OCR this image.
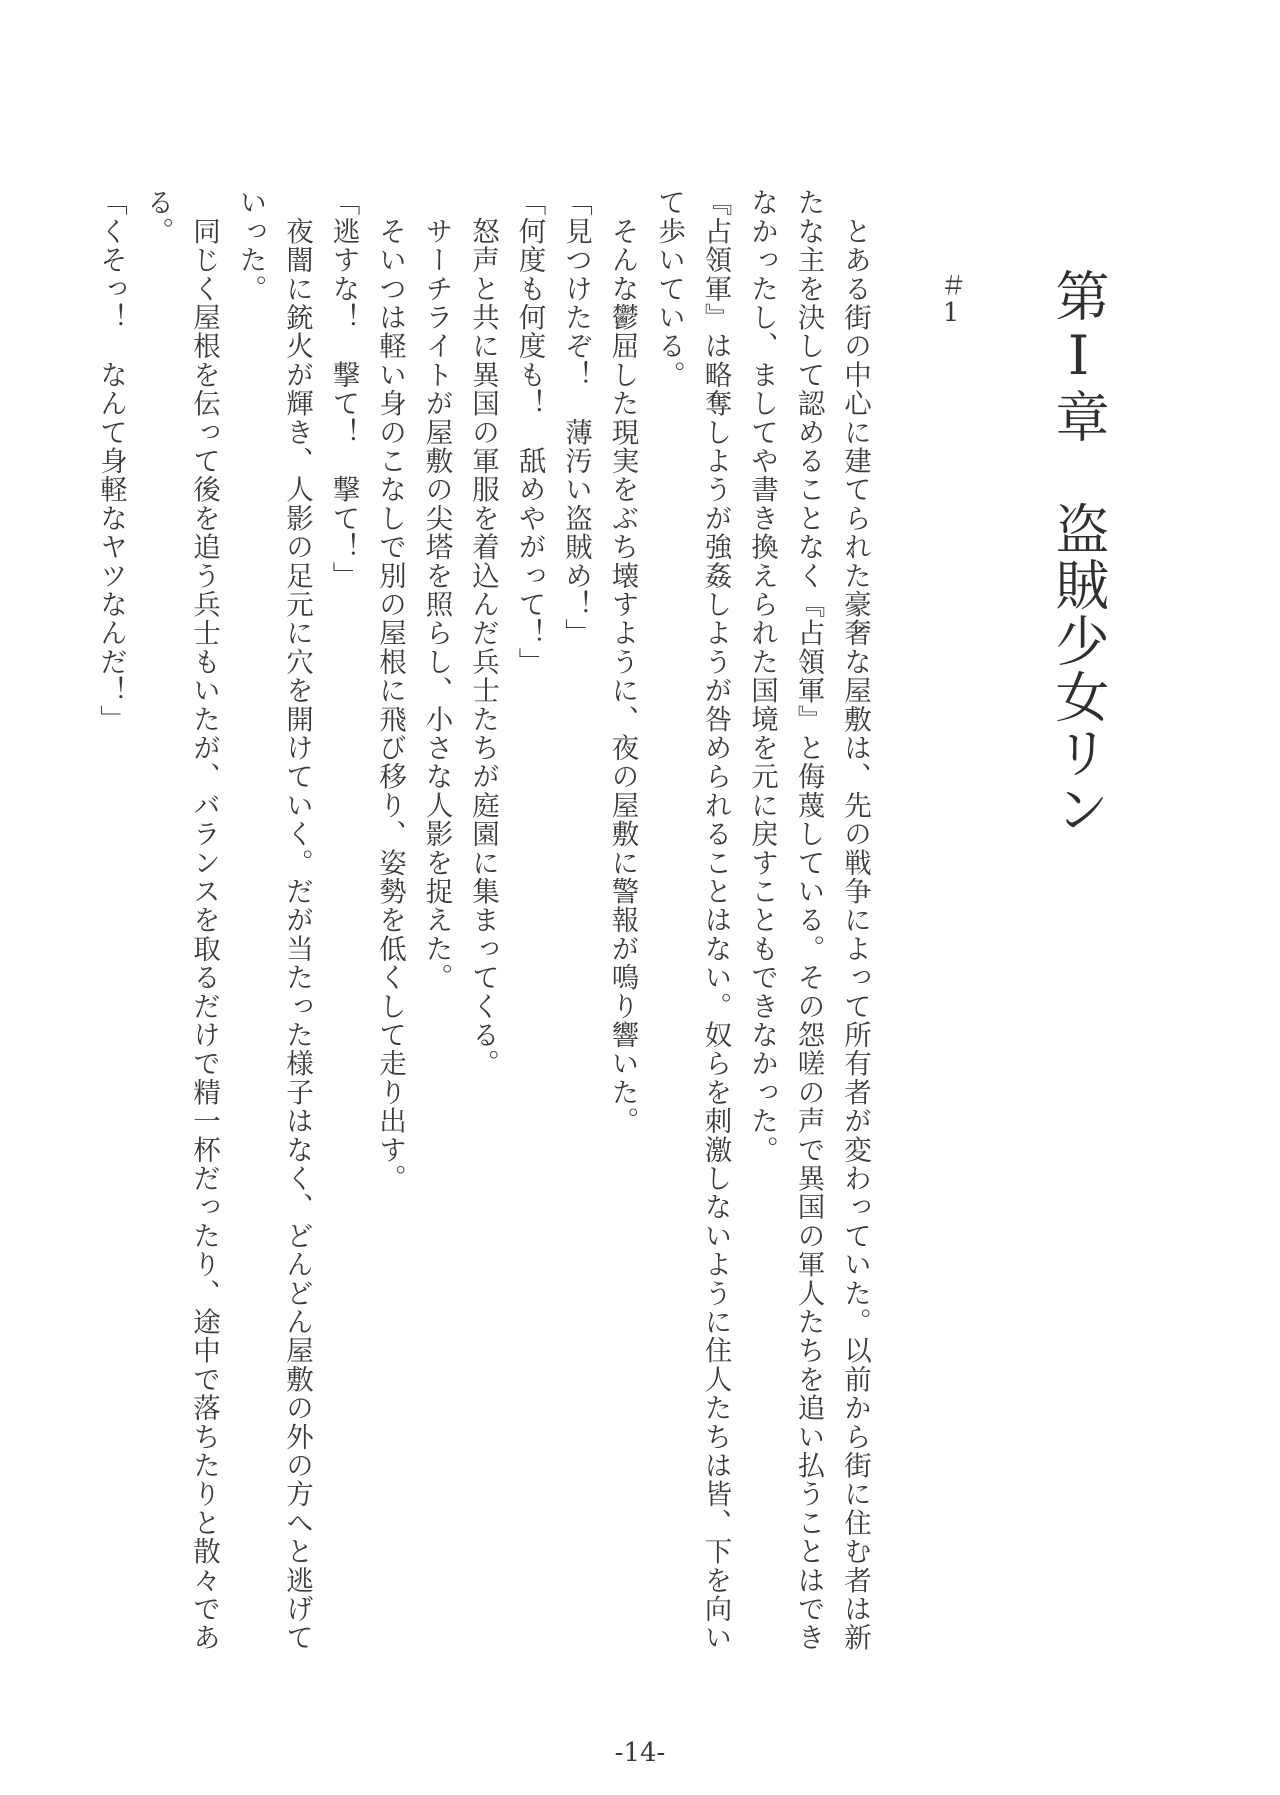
第Ⅰ章　盗賊少女リン
＃1

　とある街の中心に建てられた豪奢な屋敷は、先の戦争によって所有者が変わっていた。以前から街に住む者は新たな主を決して認めることなく『占領軍』と侮蔑している。その怨嗟の声で異国の軍人たちを追い払うことはできなかったし、ましてや書き換えられた国境を元に戻すこともできなかった。

『占領軍』は略奪しようが強姦しようが咎められることはない。奴らを刺激しないように住人たちは皆、下を向いて歩いている。

　そんな鬱屈した現実をぶち壊すように、夜の屋敷に警報が鳴り響いた。

「見つけたぞ！　薄汚い盗賊め！」

「何度も何度も！　舐めやがって！」

　怒声と共に異国の軍服を着込んだ兵士たちが庭園に集まってくる。

　サーチライトが屋敷の尖塔を照らし、小さな人影を捉えた。

　そいつは軽い身のこなしで別の屋根に飛び移り、姿勢を低くして走り出す。

「逃すな！　撃て！　撃て！」

　夜闇に銃火が輝き、人影の足元に穴を開けていく。だが当たった様子はなく、どんどん屋敷の外の方へと逃げていった。

　同じく屋根を伝って後を追う兵士もいたが、バランスを取るだけで精一杯だったり、途中で落ちたりと散々である。

「くそっ！　なんて身軽なヤツなんだ！」

-14-
